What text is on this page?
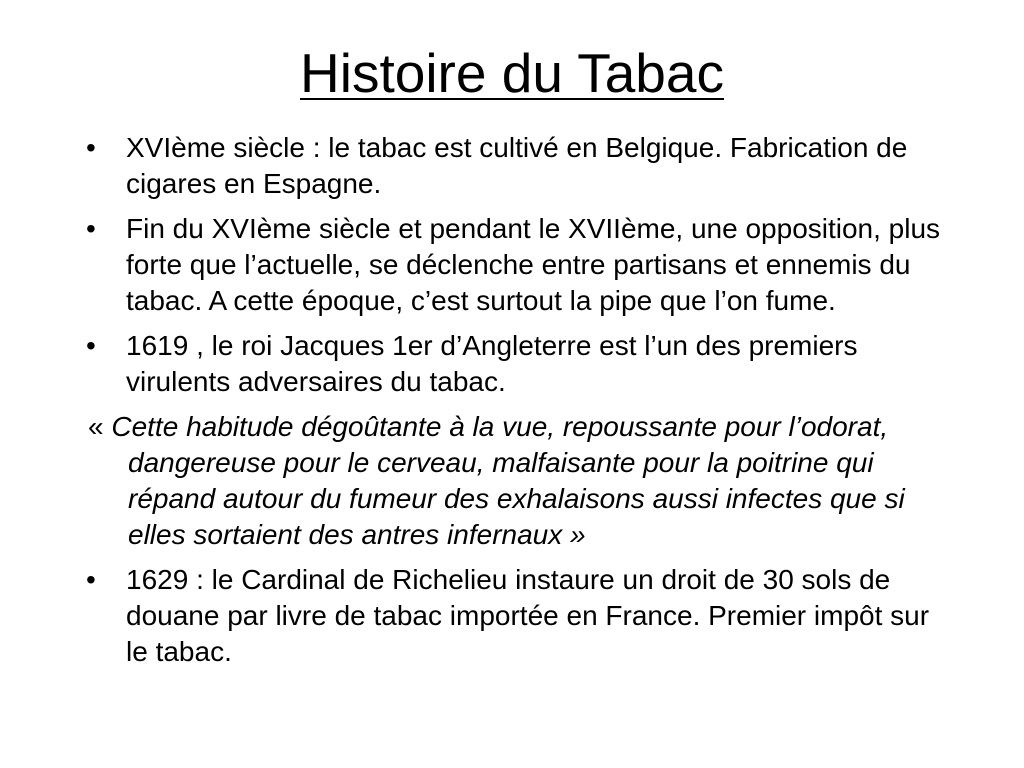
Histoire du Tabac
• XVIème siècle : le tabac est cultivé en Belgique. Fabrication de cigares en Espagne.
• Fin du XVIème siècle et pendant le XVIIème, une opposition, plus forte que l’actuelle, se déclenche entre partisans et ennemis du tabac. A cette époque, c’est surtout la pipe que l’on fume.
• 1619 , le roi Jacques 1er d’Angleterre est l’un des premiers virulents adversaires du tabac.
« Cette habitude dégoûtante à la vue, repoussante pour l’odorat, dangereuse pour le cerveau, malfaisante pour la poitrine qui répand autour du fumeur des exhalaisons aussi infectes que si elles sortaient des antres infernaux »
• 1629 : le Cardinal de Richelieu instaure un droit de 30 sols de douane par livre de tabac importée en France. Premier impôt sur le tabac.
